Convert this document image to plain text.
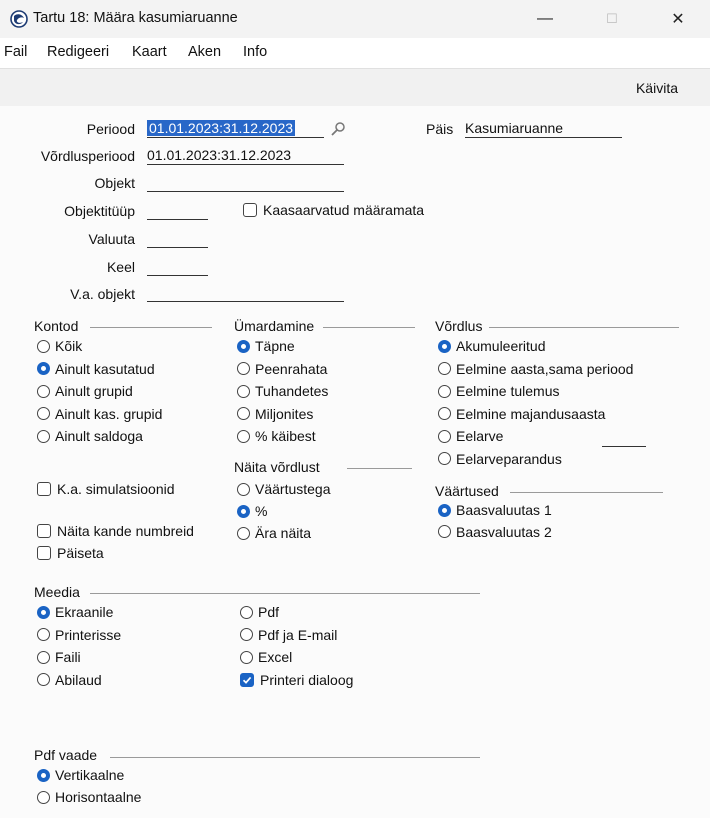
Tartu 18: Määra kasumiaruanne	—	☐	✕
Fail Redigeeri Kaart Aken Info
Käivita
Periood 01.01.2023:31.12.2023	Päis Kasumiaruanne
Võrdlusperiood 01.01.2023:31.12.2023
Objekt
Objektitüüp	Kaasaarvatud määramata
Valuuta
Keel
V.a. objekt
Kontod
Kõik
Ainult kasutatud
Ainult grupid
Ainult kas. grupid
Ainult saldoga
Ümardamine
Täpne
Peenrahata
Tuhandetes
Miljonites
% käibest
Võrdlus
Akumuleeritud
Eelmine aasta,sama periood
Eelmine tulemus
Eelmine majandusaasta
Eelarve
Eelarveparandus
Näita võrdlust
Väärtustega
%
Ära näita
Väärtused
Baasvaluutas 1
Baasvaluutas 2
K.a. simulatsioonid
Näita kande numbreid
Päiseta
Meedia
Ekraanile
Printerisse
Faili
Abilaud
Pdf
Pdf ja E-mail
Excel
Printeri dialoog
Pdf vaade
Vertikaalne
Horisontaalne
